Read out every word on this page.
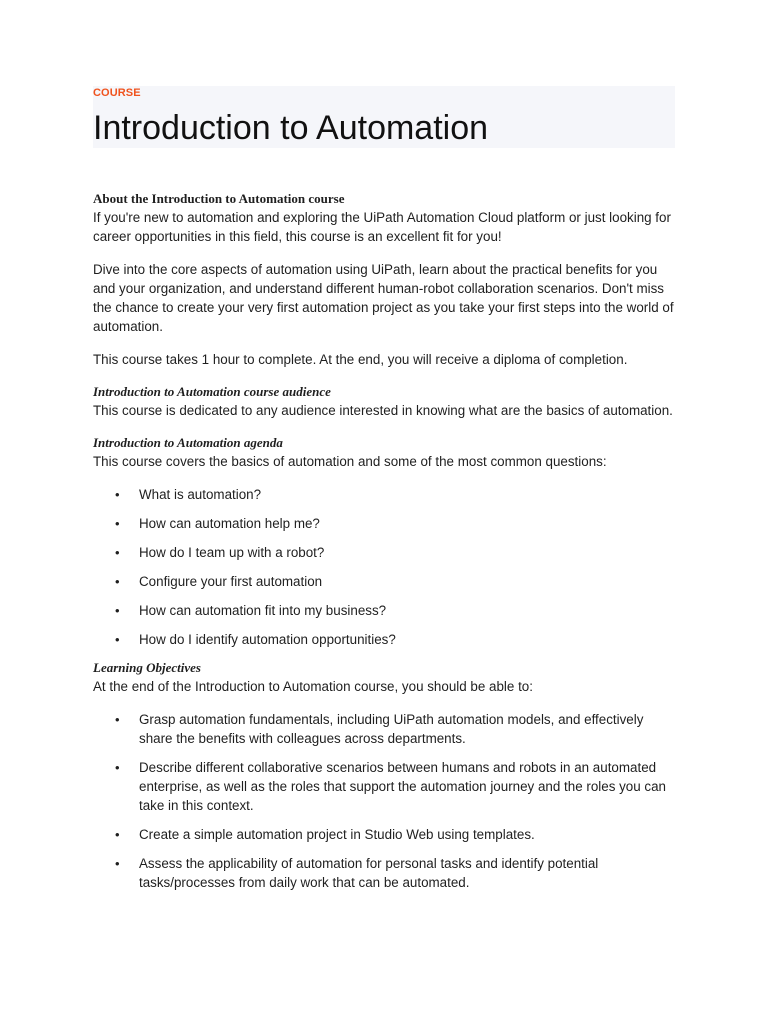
COURSE
Introduction to Automation
About the Introduction to Automation course

If you're new to automation and exploring the UiPath Automation Cloud platform or just looking for career opportunities in this field, this course is an excellent fit for you!

Dive into the core aspects of automation using UiPath, learn about the practical benefits for you and your organization, and understand different human-robot collaboration scenarios. Don't miss the chance to create your very first automation project as you take your first steps into the world of automation.

This course takes 1 hour to complete. At the end, you will receive a diploma of completion.

Introduction to Automation course audience

This course is dedicated to any audience interested in knowing what are the basics of automation.

Introduction to Automation agenda

This course covers the basics of automation and some of the most common questions:

• What is automation?
• How can automation help me?
• How do I team up with a robot?
• Configure your first automation
• How can automation fit into my business?
• How do I identify automation opportunities?
Learning Objectives

At the end of the Introduction to Automation course, you should be able to:

• Grasp automation fundamentals, including UiPath automation models, and effectively share the benefits with colleagues across departments.
• Describe different collaborative scenarios between humans and robots in an automated enterprise, as well as the roles that support the automation journey and the roles you can take in this context.
• Create a simple automation project in Studio Web using templates.
• Assess the applicability of automation for personal tasks and identify potential tasks/processes from daily work that can be automated.
